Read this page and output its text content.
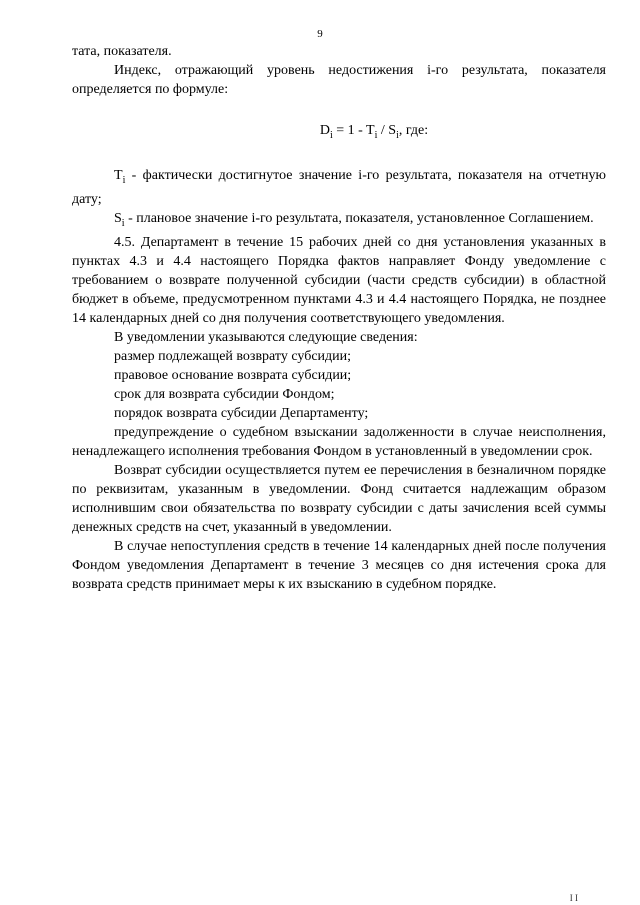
9

тата, показателя.

Индекс, отражающий уровень недостижения i-го результата, показателя определяется по формуле:

$D_i = 1 - T_i / S_i$, где:

$T_i$ - фактически достигнутое значение i-го результата, показателя на отчетную дату;

$S_i$ - плановое значение i-го результата, показателя, установленное Соглашением.

4.5. Департамент в течение 15 рабочих дней со дня установления указанных в пунктах 4.3 и 4.4 настоящего Порядка фактов направляет Фонду уведомление с требованием о возврате полученной субсидии (части средств субсидии) в областной бюджет в объеме, предусмотренном пунктами 4.3 и 4.4 настоящего Порядка, не позднее 14 календарных дней со дня получения соответствующего уведомления.

В уведомлении указываются следующие сведения:

размер подлежащей возврату субсидии;

правовое основание возврата субсидии;

срок для возврата субсидии Фондом;

порядок возврата субсидии Департаменту;

предупреждение о судебном взыскании задолженности в случае неисполнения, ненадлежащего исполнения требования Фондом в установленный в уведомлении срок.

Возврат субсидии осуществляется путем ее перечисления в безналичном порядке по реквизитам, указанным в уведомлении. Фонд считается надлежащим образом исполнившим свои обязательства по возврату субсидии с даты зачисления всей суммы денежных средств на счет, указанный в уведомлении.

В случае непоступления средств в течение 14 календарных дней после получения Фондом уведомления Департамент в течение 3 месяцев со дня истечения срока для возврата средств принимает меры к их взысканию в судебном порядке.

I I
